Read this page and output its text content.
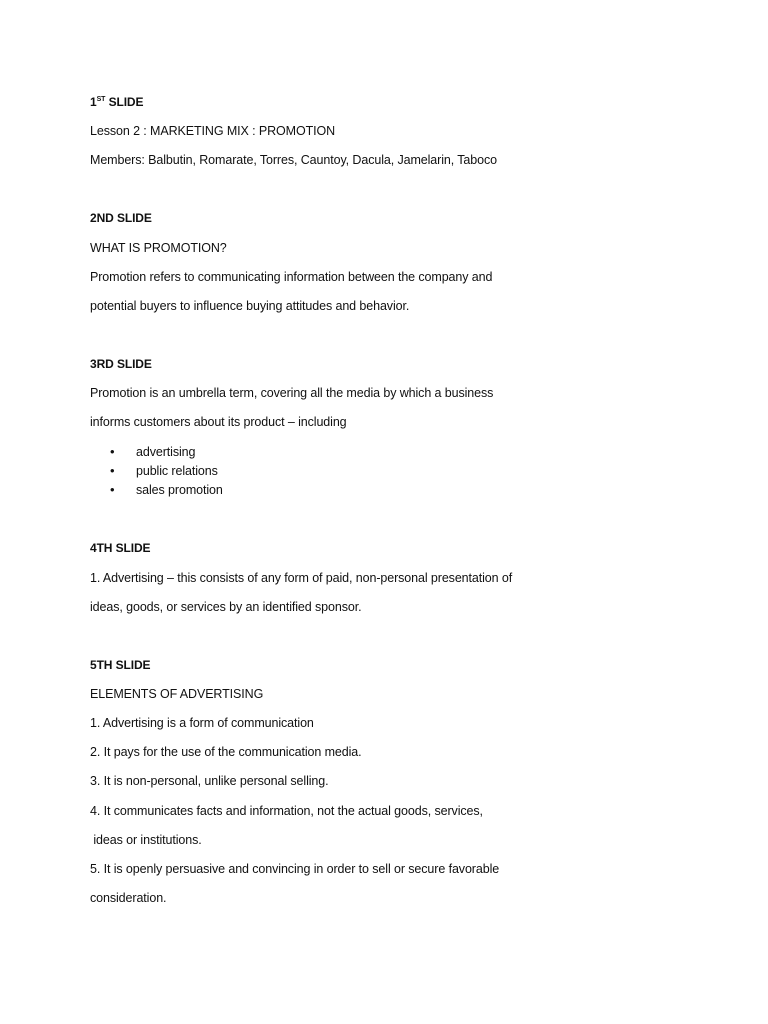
1ST SLIDE
Lesson 2 : MARKETING MIX : PROMOTION
Members: Balbutin, Romarate, Torres, Cauntoy, Dacula, Jamelarin, Taboco
2ND SLIDE
WHAT IS PROMOTION?
Promotion refers to communicating information between the company and
potential buyers to influence buying attitudes and behavior.
3RD SLIDE
Promotion is an umbrella term, covering all the media by which a business
informs customers about its product – including
• advertising
• public relations
• sales promotion
4TH SLIDE
1. Advertising – this consists of any form of paid, non-personal presentation of
ideas, goods, or services by an identified sponsor.
5TH SLIDE
ELEMENTS OF ADVERTISING
1. Advertising is a form of communication
2. It pays for the use of the communication media.
3. It is non-personal, unlike personal selling.
4. It communicates facts and information, not the actual goods, services,
ideas or institutions.
5. It is openly persuasive and convincing in order to sell or secure favorable
consideration.
